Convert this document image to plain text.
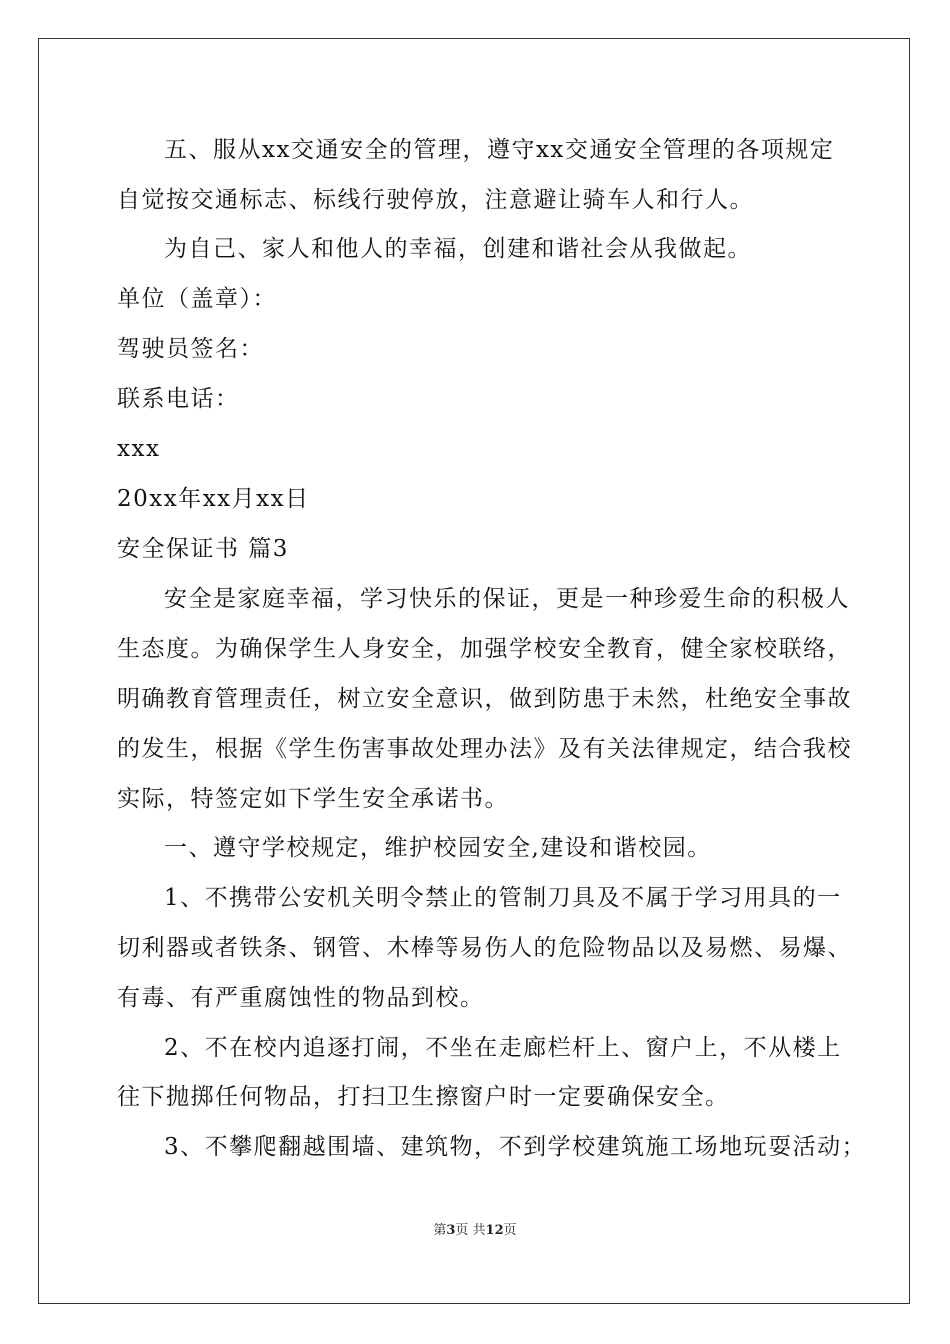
五、服从xx交通安全的管理，遵守xx交通安全管理的各项规定
自觉按交通标志、标线行驶停放，注意避让骑车人和行人。
为自己、家人和他人的幸福，创建和谐社会从我做起。
单位（盖章）：
驾驶员签名：
联系电话：
xxx
20xx年xx月xx日
安全保证书 篇3
安全是家庭幸福，学习快乐的保证，更是一种珍爱生命的积极人
生态度。为确保学生人身安全，加强学校安全教育，健全家校联络，
明确教育管理责任，树立安全意识，做到防患于未然，杜绝安全事故
的发生，根据《学生伤害事故处理办法》及有关法律规定，结合我校
实际，特签定如下学生安全承诺书。
一、遵守学校规定，维护校园安全,建设和谐校园。
1、不携带公安机关明令禁止的管制刀具及不属于学习用具的一
切利器或者铁条、钢管、木棒等易伤人的危险物品以及易燃、易爆、
有毒、有严重腐蚀性的物品到校。
2、不在校内追逐打闹，不坐在走廊栏杆上、窗户上，不从楼上
往下抛掷任何物品，打扫卫生擦窗户时一定要确保安全。
3、不攀爬翻越围墙、建筑物，不到学校建筑施工场地玩耍活动；
第3页 共12页
